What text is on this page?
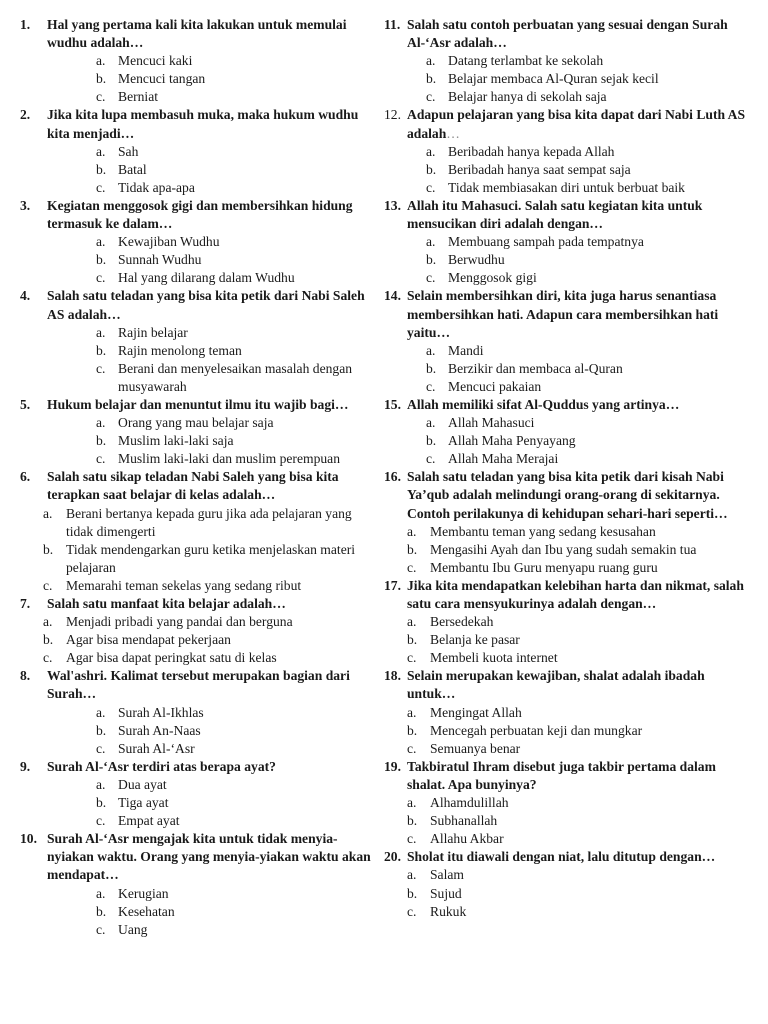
1.	Hal yang pertama kali kita lakukan untuk memulai wudhu adalah…
a. Mencuci kaki
b. Mencuci tangan
c. Berniat
2.	Jika kita lupa membasuh muka, maka hukum wudhu kita menjadi…
a. Sah
b. Batal
c. Tidak apa-apa
3.	Kegiatan menggosok gigi dan membersihkan hidung termasuk ke dalam…
a. Kewajiban Wudhu
b. Sunnah Wudhu
c. Hal yang dilarang dalam Wudhu
4.	Salah satu teladan yang bisa kita petik dari Nabi Saleh AS adalah…
a. Rajin belajar
b. Rajin menolong teman
c. Berani dan menyelesaikan masalah dengan musyawarah
5.	Hukum belajar dan menuntut ilmu itu wajib bagi…
a. Orang yang mau belajar saja
b. Muslim laki-laki saja
c. Muslim laki-laki dan muslim perempuan
6.	Salah satu sikap teladan Nabi Saleh yang bisa kita terapkan saat belajar di kelas adalah…
a. Berani bertanya kepada guru jika ada pelajaran yang tidak dimengerti
b. Tidak mendengarkan guru ketika menjelaskan materi pelajaran
c. Memarahi teman sekelas yang sedang ribut
7.	Salah satu manfaat kita belajar adalah…
a. Menjadi pribadi yang pandai dan berguna
b. Agar bisa mendapat pekerjaan
c. Agar bisa dapat peringkat satu di kelas
8.	Wal'ashri. Kalimat tersebut merupakan bagian dari Surah…
a. Surah Al-Ikhlas
b. Surah An-Naas
c. Surah Al-‘Asr
9.	Surah Al-‘Asr terdiri atas berapa ayat?
a. Dua ayat
b. Tiga ayat
c. Empat ayat
10. Surah Al-‘Asr mengajak kita untuk tidak menyia-nyiakan waktu. Orang yang menyia-yiakan waktu akan mendapat…
a. Kerugian
b. Kesehatan
c. Uang
11. Salah satu contoh perbuatan yang sesuai dengan Surah Al-‘Asr adalah…
a. Datang terlambat ke sekolah
b. Belajar membaca Al-Quran sejak kecil
c. Belajar hanya di sekolah saja
12. Adapun pelajaran yang bisa kita dapat dari Nabi Luth AS adalah…
a. Beribadah hanya kepada Allah
b. Beribadah hanya saat sempat saja
c. Tidak membiasakan diri untuk berbuat baik
13. Allah itu Mahasuci. Salah satu kegiatan kita untuk mensucikan diri adalah dengan…
a. Membuang sampah pada tempatnya
b. Berwudhu
c. Menggosok gigi
14. Selain membersihkan diri, kita juga harus senantiasa membersihkan hati. Adapun cara membersihkan hati yaitu…
a. Mandi
b. Berzikir dan membaca al-Quran
c. Mencuci pakaian
15. Allah memiliki sifat Al-Quddus yang artinya…
a. Allah Mahasuci
b. Allah Maha Penyayang
c. Allah Maha Merajai
16. Salah satu teladan yang bisa kita petik dari kisah Nabi Ya’qub adalah melindungi orang-orang di sekitarnya. Contoh perilakunya di kehidupan sehari-hari seperti…
a. Membantu teman yang sedang kesusahan
b. Mengasihi Ayah dan Ibu yang sudah semakin tua
c. Membantu Ibu Guru menyapu ruang guru
17. Jika kita mendapatkan kelebihan harta dan nikmat, salah satu cara mensyukurinya adalah dengan…
a. Bersedekah
b. Belanja ke pasar
c. Membeli kuota internet
18. Selain merupakan kewajiban, shalat adalah ibadah untuk…
a. Mengingat Allah
b. Mencegah perbuatan keji dan mungkar
c. Semuanya benar
19. Takbiratul Ihram disebut juga takbir pertama dalam shalat. Apa bunyinya?
a. Alhamdulillah
b. Subhanallah
c. Allahu Akbar
20. Sholat itu diawali dengan niat, lalu ditutup dengan…
a. Salam
b. Sujud
c. Rukuk
